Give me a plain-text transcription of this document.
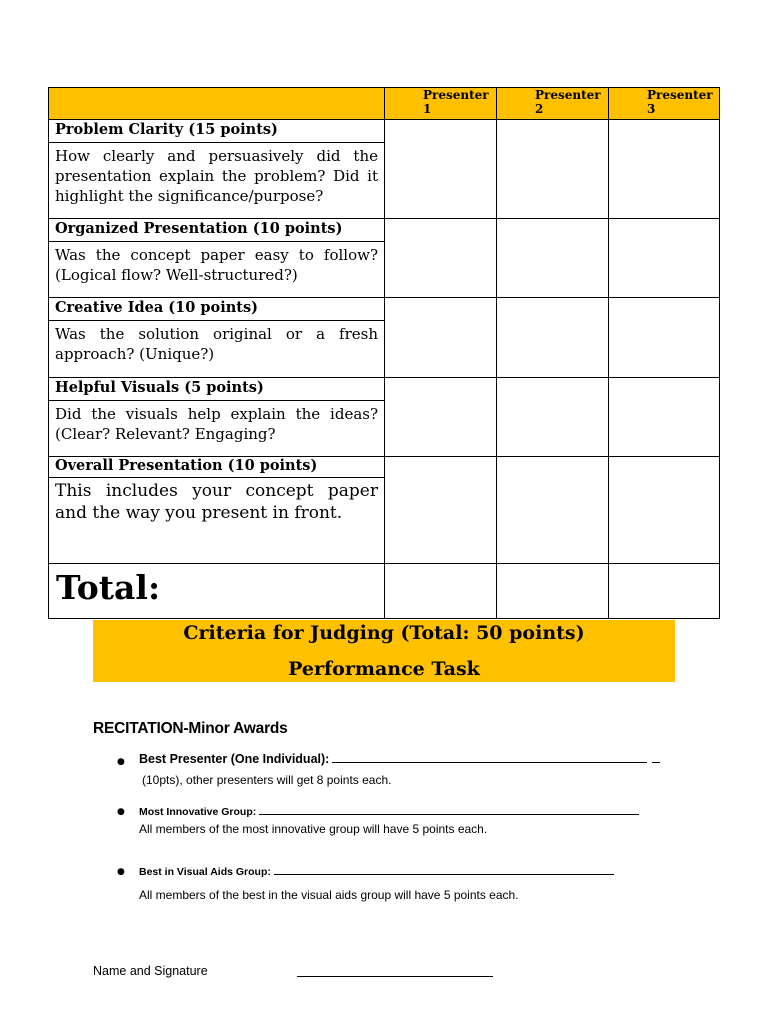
	Presenter 1	Presenter 2	Presenter 3

Problem Clarity (15 points)
How clearly and persuasively did the presentation explain the problem? Did it highlight the significance/purpose?			

Organized Presentation (10 points)
Was the concept paper easy to follow? (Logical flow? Well-structured?)			

Creative Idea (10 points)
Was the solution original or a fresh approach? (Unique?)			

Helpful Visuals (5 points)
Did the visuals help explain the ideas? (Clear? Relevant? Engaging?			

Overall Presentation (10 points)
This includes your concept paper and the way you present in front.			

Total:			
Criteria for Judging (Total: 50 points)
Performance Task
RECITATION-Minor Awards
● Best Presenter (One Individual):
(10pts), other presenters will get 8 points each.
● Most Innovative Group:
All members of the most innovative group will have 5 points each.
● Best in Visual Aids Group:
All members of the best in the visual aids group will have 5 points each.
Name and Signature
